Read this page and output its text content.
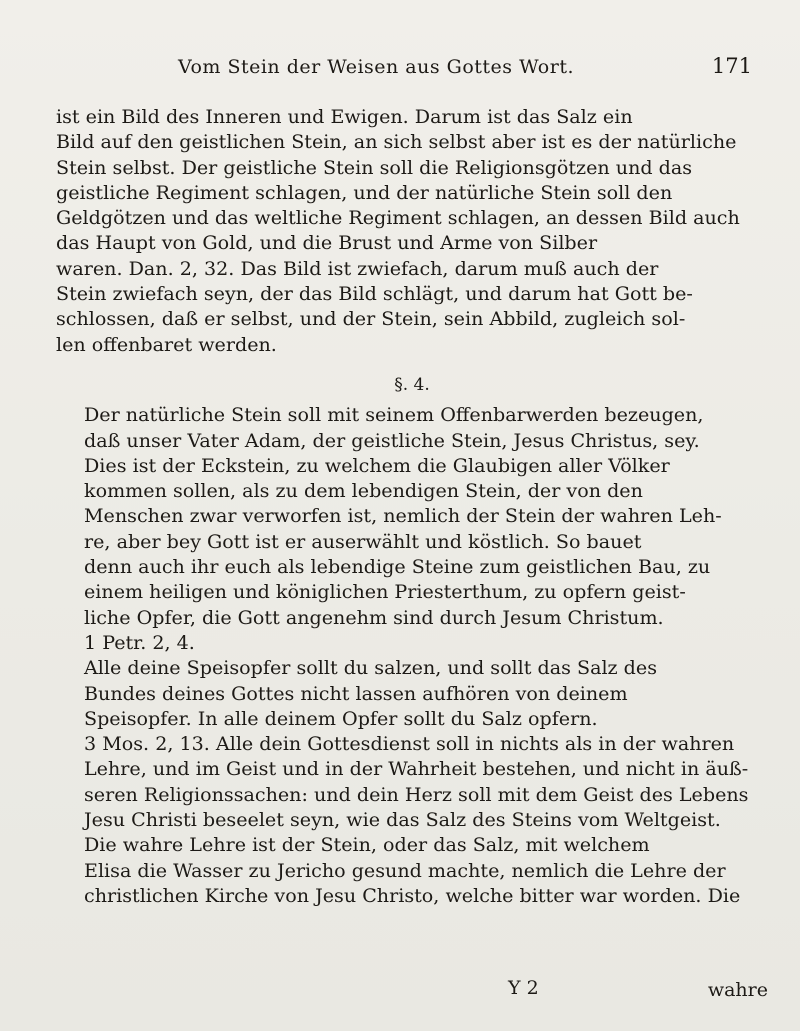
Vom Stein der Weisen aus Gottes Wort.	171

ist ein Bild des Inneren und Ewigen. Darum ist das Salz ein
Bild auf den geistlichen Stein, an sich selbst aber ist es der natürliche
Stein selbst. Der geistliche Stein soll die Religionsgötzen und das
geistliche Regiment schlagen, und der natürliche Stein soll den
Geldgötzen und das weltliche Regiment schlagen, an dessen Bild auch
das Haupt von Gold, und die Brust und Arme von Silber
waren. Dan. 2, 32. Das Bild ist zwiefach, darum muß auch der
Stein zwiefach seyn, der das Bild schlägt, und darum hat Gott be-
schlossen, daß er selbst, und der Stein, sein Abbild, zugleich sol-
len offenbaret werden.

§. 4.

Der natürliche Stein soll mit seinem Offenbarwerden bezeugen,
daß unser Vater Adam, der geistliche Stein, Jesus Christus, sey.
Dies ist der Eckstein, zu welchem die Glaubigen aller Völker
kommen sollen, als zu dem lebendigen Stein, der von den
Menschen zwar verworfen ist, nemlich der Stein der wahren Leh-
re, aber bey Gott ist er auserwählt und köstlich. So bauet
denn auch ihr euch als lebendige Steine zum geistlichen Bau, zu
einem heiligen und königlichen Priesterthum, zu opfern geist-
liche Opfer, die Gott angenehm sind durch Jesum Christum.
1 Petr. 2, 4.

Alle deine Speisopfer sollt du salzen, und sollt das Salz des
Bundes deines Gottes nicht lassen aufhören von deinem
Speisopfer. In alle deinem Opfer sollt du Salz opfern.
3 Mos. 2, 13. Alle dein Gottesdienst soll in nichts als in der wahren
Lehre, und im Geist und in der Wahrheit bestehen, und nicht in äuß-
seren Religionssachen: und dein Herz soll mit dem Geist des Lebens
Jesu Christi besеelet seyn, wie das Salz des Steins vom Weltgeist.
Die wahre Lehre ist der Stein, oder das Salz, mit welchem
Elisa die Wasser zu Jericho gesund machte, nemlich die Lehre der
christlichen Kirche von Jesu Christo, welche bitter war worden. Die

Y 2	wahre
